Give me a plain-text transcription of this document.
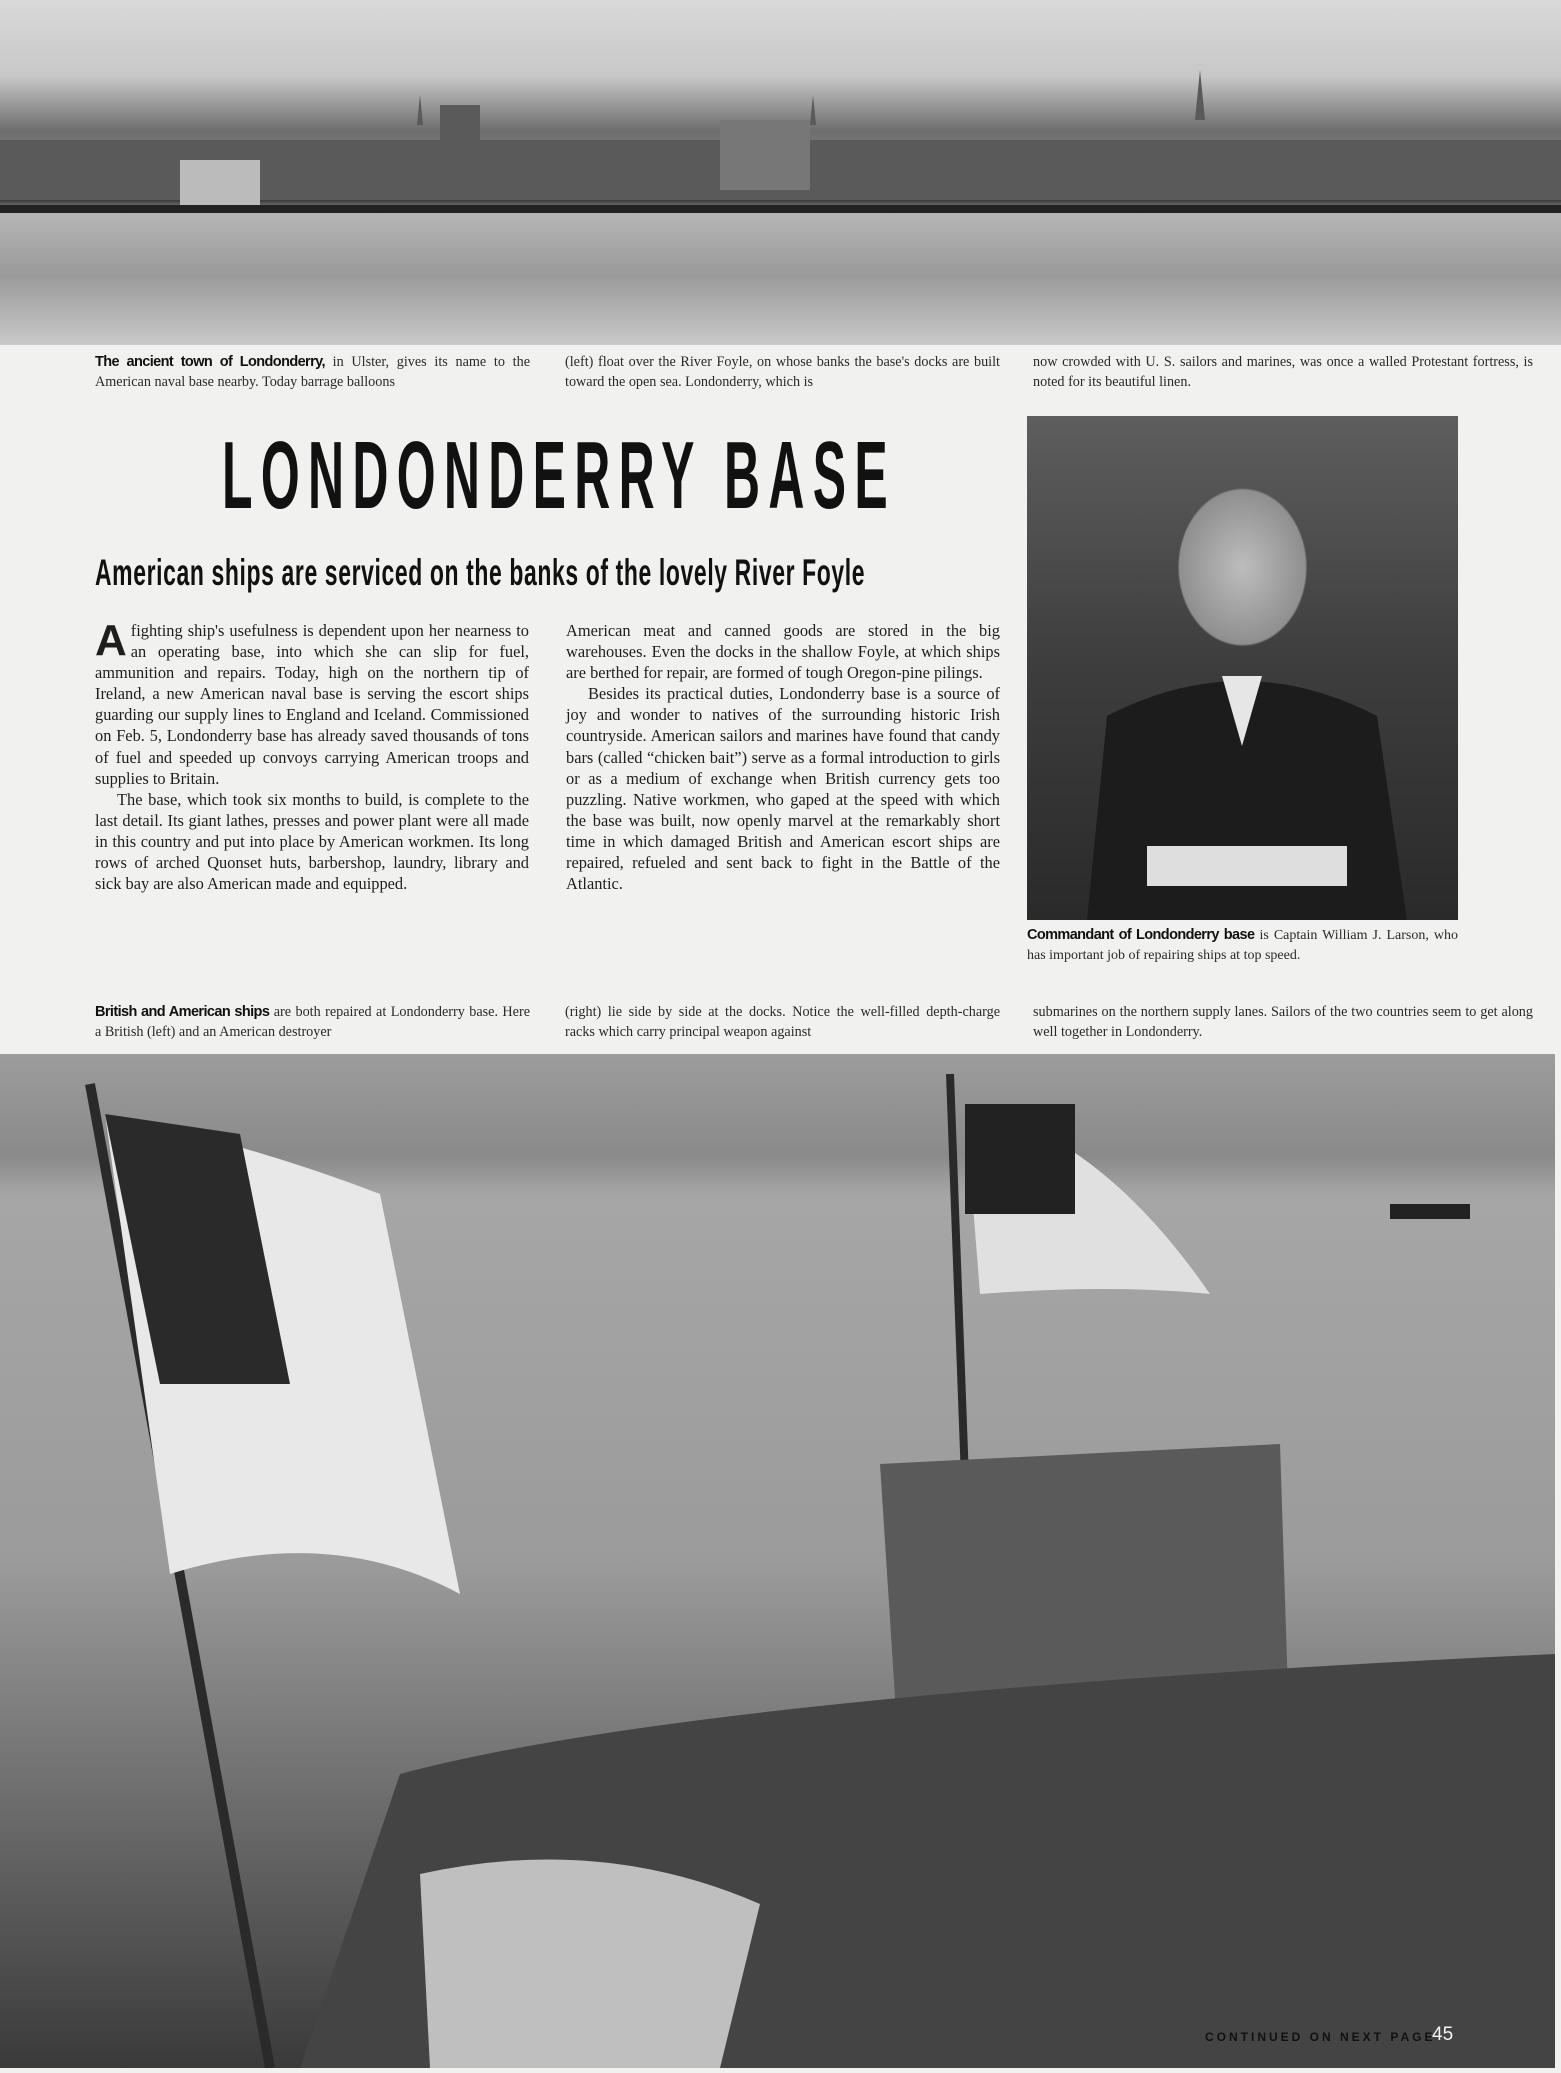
The ancient town of Londonderry, in Ulster, gives its name to the American naval base nearby. Today barrage balloons
(left) float over the River Foyle, on whose banks the base's docks are built toward the open sea. Londonderry, which is
now crowded with U. S. sailors and marines, was once a walled Protestant fortress, is noted for its beautiful linen.
LONDONDERRY BASE
American ships are serviced on the banks of the lovely River Foyle

Afighting ship's usefulness is dependent upon her nearness to an operating base, into which she can slip for fuel, ammunition and repairs. Today, high on the northern tip of Ireland, a new American naval base is serving the escort ships guarding our supply lines to England and Iceland. Commissioned on Feb. 5, Londonderry base has already saved thousands of tons of fuel and speeded up convoys carrying American troops and supplies to Britain.

The base, which took six months to build, is complete to the last detail. Its giant lathes, presses and power plant were all made in this country and put into place by American workmen. Its long rows of arched Quonset huts, barbershop, laundry, library and sick bay are also American made and equipped.

American meat and canned goods are stored in the big warehouses. Even the docks in the shallow Foyle, at which ships are berthed for repair, are formed of tough Oregon-pine pilings.

Besides its practical duties, Londonderry base is a source of joy and wonder to natives of the surrounding historic Irish countryside. American sailors and marines have found that candy bars (called “chicken bait”) serve as a formal introduction to girls or as a medium of exchange when British currency gets too puzzling. Native workmen, who gaped at the speed with which the base was built, now openly marvel at the remarkably short time in which damaged British and American escort ships are repaired, refueled and sent back to fight in the Battle of the Atlantic.

Commandant of Londonderry base is Captain William J. Larson, who has important job of repairing ships at top speed.
British and American ships are both repaired at Londonderry base. Here a British (left) and an American destroyer
(right) lie side by side at the docks. Notice the well-filled depth-charge racks which carry principal weapon against
submarines on the northern supply lanes. Sailors of the two countries seem to get along well together in Londonderry.
CONTINUED ON NEXT PAGE
45
